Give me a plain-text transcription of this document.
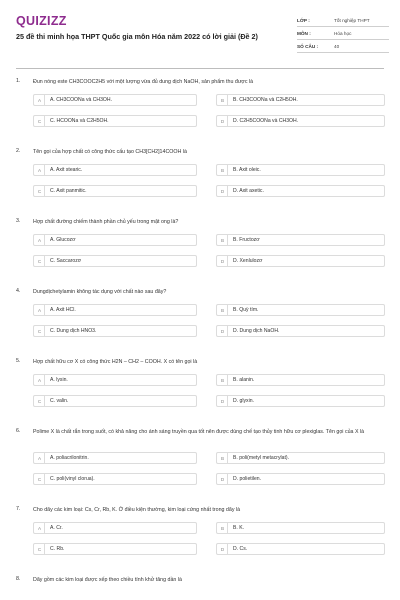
QUIZIZZ
25 đề thi minh họa THPT Quốc gia môn Hóa năm 2022 có lời giải (Đề 2)
LỚP :	Tốt nghiệp THPT
MÔN :	Hóa học
SỐ CÂU :	40
1. Đun nóng este CH3COOC2H5 với một lượng vừa đủ dung dịch NaOH, sản phẩm thu được là
A	A. CH3COONa và CH3OH.	B	B. CH3COONa và C2H5OH.
C	C. HCOONa và C2H5OH.	D	D. C2H5COONa và CH3OH.
2. Tên gọi của hợp chất có công thức cấu tạo CH3[CH2]14COOH là
A	A. Axit stearic.	B	B. Axit oleic.
C	C. Axit panmitic.	D	D. Axit axetic.
3. Hợp chất đường chiếm thành phần chủ yếu trong mật ong là?
A	A. Glucozơ	B	B. Fructozơ
C	C. Saccarozơ	D	D. Xenlulozơ
4. Dungdịchetylamin không tác dụng với chất nào sau đây?
A	A. Axit HCl.	B	B. Quỳ tím.
C	C. Dung dịch HNO3.	D	D. Dung dịch NaOH.
5. Hợp chất hữu cơ X có công thức H2N – CH2 – COOH. X có tên gọi là
A	A. lysin.	B	B. alanin.
C	C. valin.	D	D. glyxin.
6. Polime X là chất rắn trong suốt, có khả năng cho ánh sáng truyền qua tốt nên được dùng chế tạo thủy tinh hữu cơ plexiglas. Tên gọi của X là
A	A. poliacrilonitrin.	B	B. poli(metyl metacrylat).
C	C. poli(vinyl clorua).	D	D. polietilen.
7. Cho dãy các kim loại: Cs, Cr, Rb, K. Ở điều kiện thường, kim loại cứng nhất trong dãy là
A	A. Cr.	B	B. K.
C	C. Rb.	D	D. Cs.
8. Dãy gồm các kim loại được xếp theo chiều tính khử tăng dần là
